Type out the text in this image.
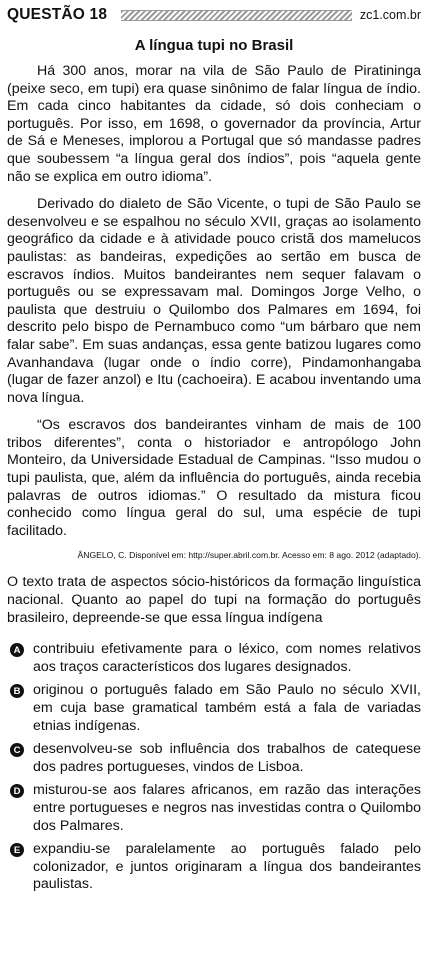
QUESTÃO 18	zc1.com.br
A língua tupi no Brasil

Há 300 anos, morar na vila de São Paulo de Piratininga (peixe seco, em tupi) era quase sinônimo de falar língua de índio. Em cada cinco habitantes da cidade, só dois conheciam o português. Por isso, em 1698, o governador da província, Artur de Sá e Meneses, implorou a Portugal que só mandasse padres que soubessem “a língua geral dos índios”, pois “aquela gente não se explica em outro idioma”.

Derivado do dialeto de São Vicente, o tupi de São Paulo se desenvolveu e se espalhou no século XVII, graças ao isolamento geográfico da cidade e à atividade pouco cristã dos mamelucos paulistas: as bandeiras, expedições ao sertão em busca de escravos índios. Muitos bandeirantes nem sequer falavam o português ou se expressavam mal. Domingos Jorge Velho, o paulista que destruiu o Quilombo dos Palmares em 1694, foi descrito pelo bispo de Pernambuco como “um bárbaro que nem falar sabe”. Em suas andanças, essa gente batizou lugares como Avanhandava (lugar onde o índio corre), Pindamonhangaba (lugar de fazer anzol) e Itu (cachoeira). E acabou inventando uma nova língua.

“Os escravos dos bandeirantes vinham de mais de 100 tribos diferentes”, conta o historiador e antropólogo John Monteiro, da Universidade Estadual de Campinas. “Isso mudou o tupi paulista, que, além da influência do português, ainda recebia palavras de outros idiomas.” O resultado da mistura ficou conhecido como língua geral do sul, uma espécie de tupi facilitado.

ÂNGELO, C. Disponível em: http://super.abril.com.br. Acesso em: 8 ago. 2012 (adaptado).
O texto trata de aspectos sócio-históricos da formação linguística nacional. Quanto ao papel do tupi na formação do português brasileiro, depreende-se que essa língua indígena
A contribuiu efetivamente para o léxico, com nomes relativos aos traços característicos dos lugares designados.
B originou o português falado em São Paulo no século XVII, em cuja base gramatical também está a fala de variadas etnias indígenas.
C desenvolveu-se sob influência dos trabalhos de catequese dos padres portugueses, vindos de Lisboa.
D misturou-se aos falares africanos, em razão das interações entre portugueses e negros nas investidas contra o Quilombo dos Palmares.
E expandiu-se paralelamente ao português falado pelo colonizador, e juntos originaram a língua dos bandeirantes paulistas.
